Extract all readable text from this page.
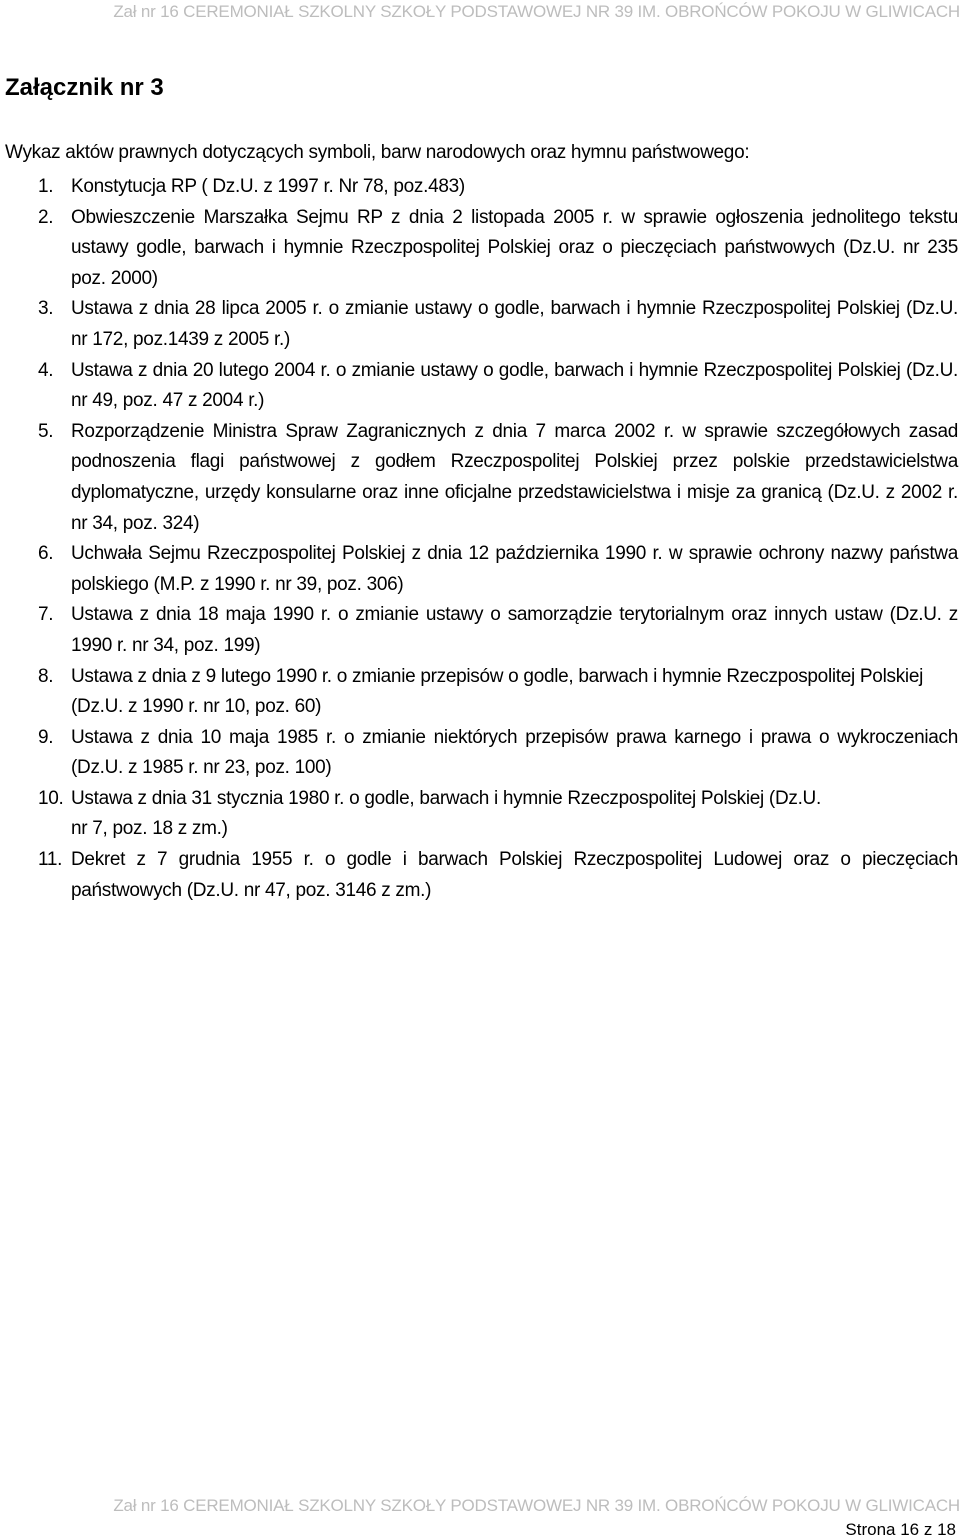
Zał nr 16 CEREMONIAŁ SZKOLNY SZKOŁY PODSTAWOWEJ NR 39 IM. OBROŃCÓW POKOJU W GLIWICACH
Załącznik nr 3

Wykaz aktów prawnych dotyczących symboli, barw narodowych oraz hymnu państwowego:

1. Konstytucja RP ( Dz.U. z 1997 r. Nr 78, poz.483)
2. Obwieszczenie Marszałka Sejmu RP z dnia 2 listopada 2005 r. w sprawie ogłoszenia jednolitego tekstu ustawy godle, barwach i hymnie Rzeczpospolitej Polskiej oraz o pieczęciach państwowych (Dz.U. nr 235 poz. 2000)
3. Ustawa z dnia 28 lipca 2005 r. o zmianie ustawy o godle, barwach i hymnie Rzeczpospolitej Polskiej (Dz.U. nr 172, poz.1439 z 2005 r.)
4. Ustawa z dnia 20 lutego 2004 r. o zmianie ustawy o godle, barwach i hymnie Rzeczpospolitej Polskiej (Dz.U. nr 49, poz. 47 z 2004 r.)
5. Rozporządzenie Ministra Spraw Zagranicznych z dnia 7 marca 2002 r. w sprawie szczegółowych zasad podnoszenia flagi państwowej z godłem Rzeczpospolitej Polskiej przez polskie przedstawicielstwa dyplomatyczne, urzędy konsularne oraz inne oficjalne przedstawicielstwa i misje za granicą (Dz.U. z 2002 r. nr 34, poz. 324)
6. Uchwała Sejmu Rzeczpospolitej Polskiej z dnia 12 października 1990 r. w sprawie ochrony nazwy państwa polskiego (M.P. z 1990 r. nr 39, poz. 306)
7. Ustawa z dnia 18 maja 1990 r. o zmianie ustawy o samorządzie terytorialnym oraz innych ustaw (Dz.U. z 1990 r. nr 34, poz. 199)
8. Ustawa z dnia z 9 lutego 1990 r. o zmianie przepisów o godle, barwach i hymnie Rzeczpospolitej Polskiej (Dz.U. z 1990 r. nr 10, poz. 60)
9. Ustawa z dnia 10 maja 1985 r. o zmianie niektórych przepisów prawa karnego i prawa o wykroczeniach (Dz.U. z 1985 r. nr 23, poz. 100)
10. Ustawa z dnia 31 stycznia 1980 r. o godle, barwach i hymnie Rzeczpospolitej Polskiej (Dz.U.
nr 7, poz. 18 z zm.)
11. Dekret z 7 grudnia 1955 r. o godle i barwach Polskiej Rzeczpospolitej Ludowej oraz o pieczęciach państwowych (Dz.U. nr 47, poz. 3146 z zm.)
Zał nr 16 CEREMONIAŁ SZKOLNY SZKOŁY PODSTAWOWEJ NR 39 IM. OBROŃCÓW POKOJU W GLIWICACH
Strona 16 z 18
